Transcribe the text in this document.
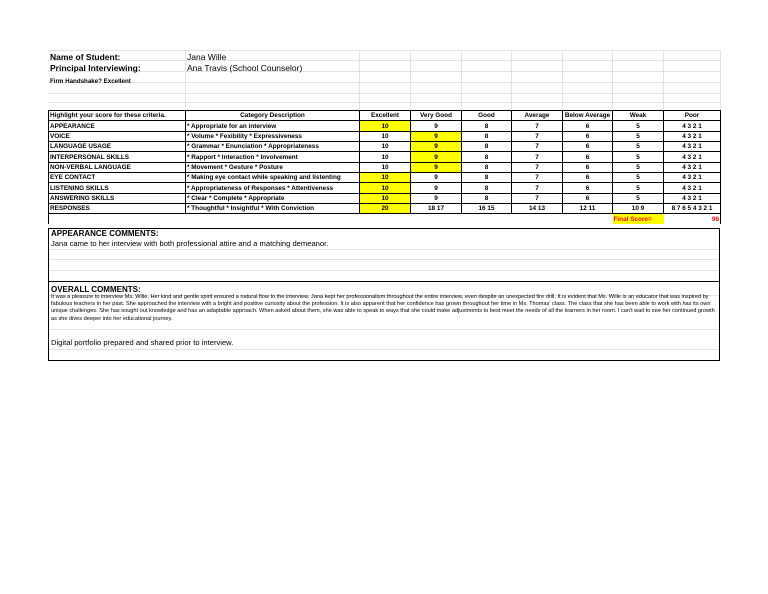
Name of Student:	Jana Wille
Principal Interviewing:	Ana Travis (School Counselor)
Firm Handshake? Excellent
Highlight your score for these criteria.	Category Description	Excellent	Very Good	Good	Average	Below Average	Weak	Poor
APPEARANCE	* Appropriate for an interview	10	9	8	7	6	5	4 3 2 1
VOICE	* Volume * Fexibility * Expressiveness	10	9	8	7	6	5	4 3 2 1
LANGUAGE USAGE	* Grammar * Enunciation * Appropriateness	10	9	8	7	6	5	4 3 2 1
INTERPERSONAL SKILLS	* Rapport * Interaction * Involvement	10	9	8	7	6	5	4 3 2 1
NON-VERBAL LANGUAGE	* Movement * Gesture * Posture	10	9	8	7	6	5	4 3 2 1
EYE CONTACT	* Making eye contact while speaking and listenting	10	9	8	7	6	5	4 3 2 1
LISTENING SKILLS	* Appropriateness of Responses * Attentiveness	10	9	8	7	6	5	4 3 2 1
ANSWERING SKILLS	* Clear * Complete * Appropriate	10	9	8	7	6	5	4 3 2 1
RESPONSES	* Thoughtful * Insightful * With Conviction	20	18 17	16 15	14 13	12 11	10 9	8 7 6 5 4 3 2 1
							Final Score=	96
APPEARANCE COMMENTS:
Jana came to her interview with both professional attire and a matching demeanor.
OVERALL COMMENTS:
It was a pleasure to interview Ms. Wille. Her kind and gentle spirit ensured a natural flow to the interview. Jana kept her professionalism throughout the entire interview, even despite an unexpected fire drill. It is evident that Ms. Wille is an educator that was inspired by fabulous teachers in her past. She approached the interview with a bright and positive curiosity about the profession. It is also apparent that her confidence has grown throughout her time in Ms. Thomas' class. The class that she has been able to work with has its own unique challenges. She has sought out knowledge and has an adaptable approach. When asked about them, she was able to speak to ways that she could make adjustments to best meet the needs of all the learners in her room. I can't wait to see her continued growth as she dives deeper into her educational journey.
Digital portfolio prepared and shared prior to interview.
